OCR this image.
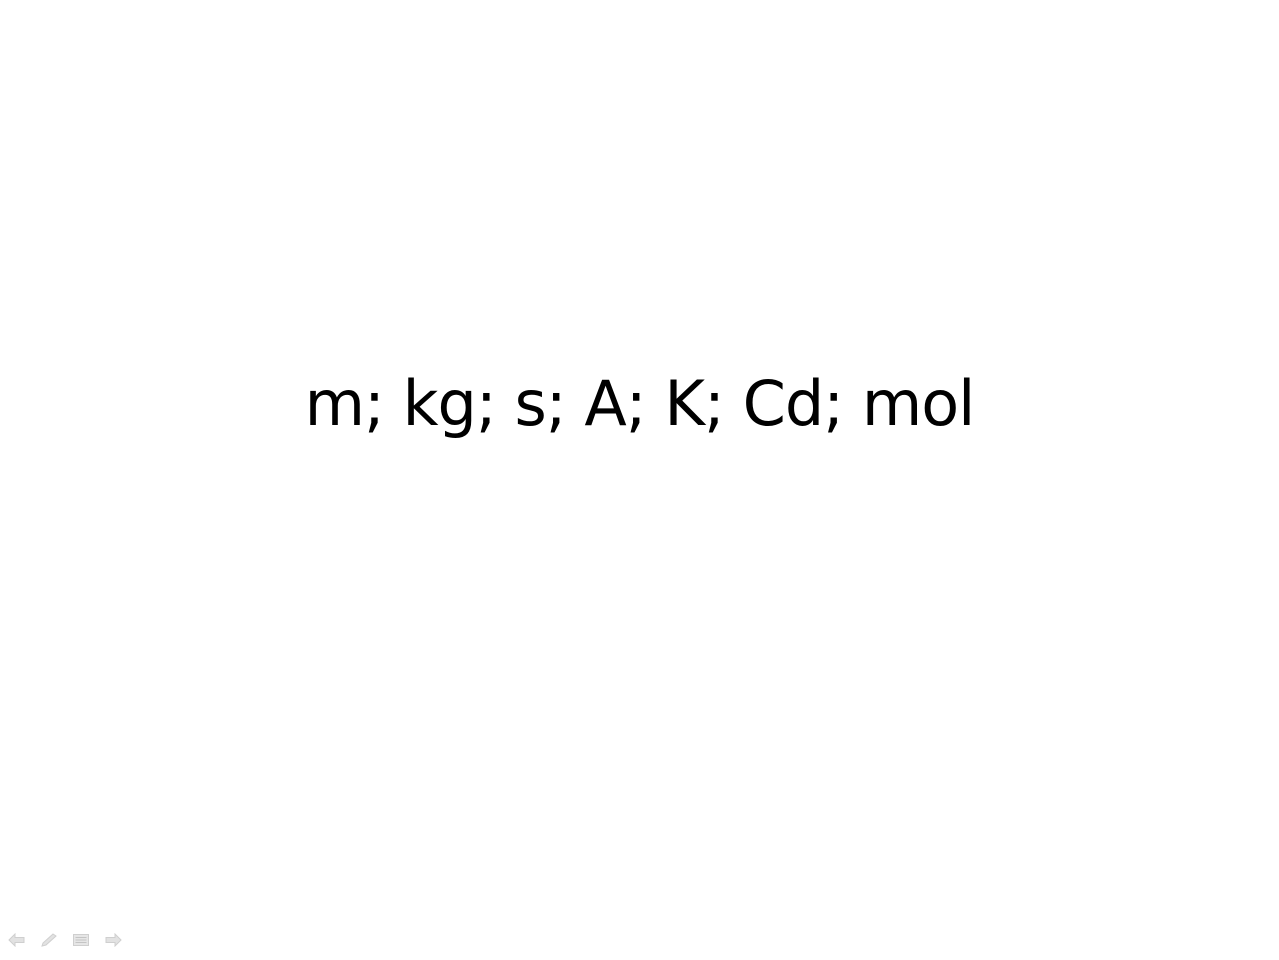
m; kg; s; A; K; Cd; mol
